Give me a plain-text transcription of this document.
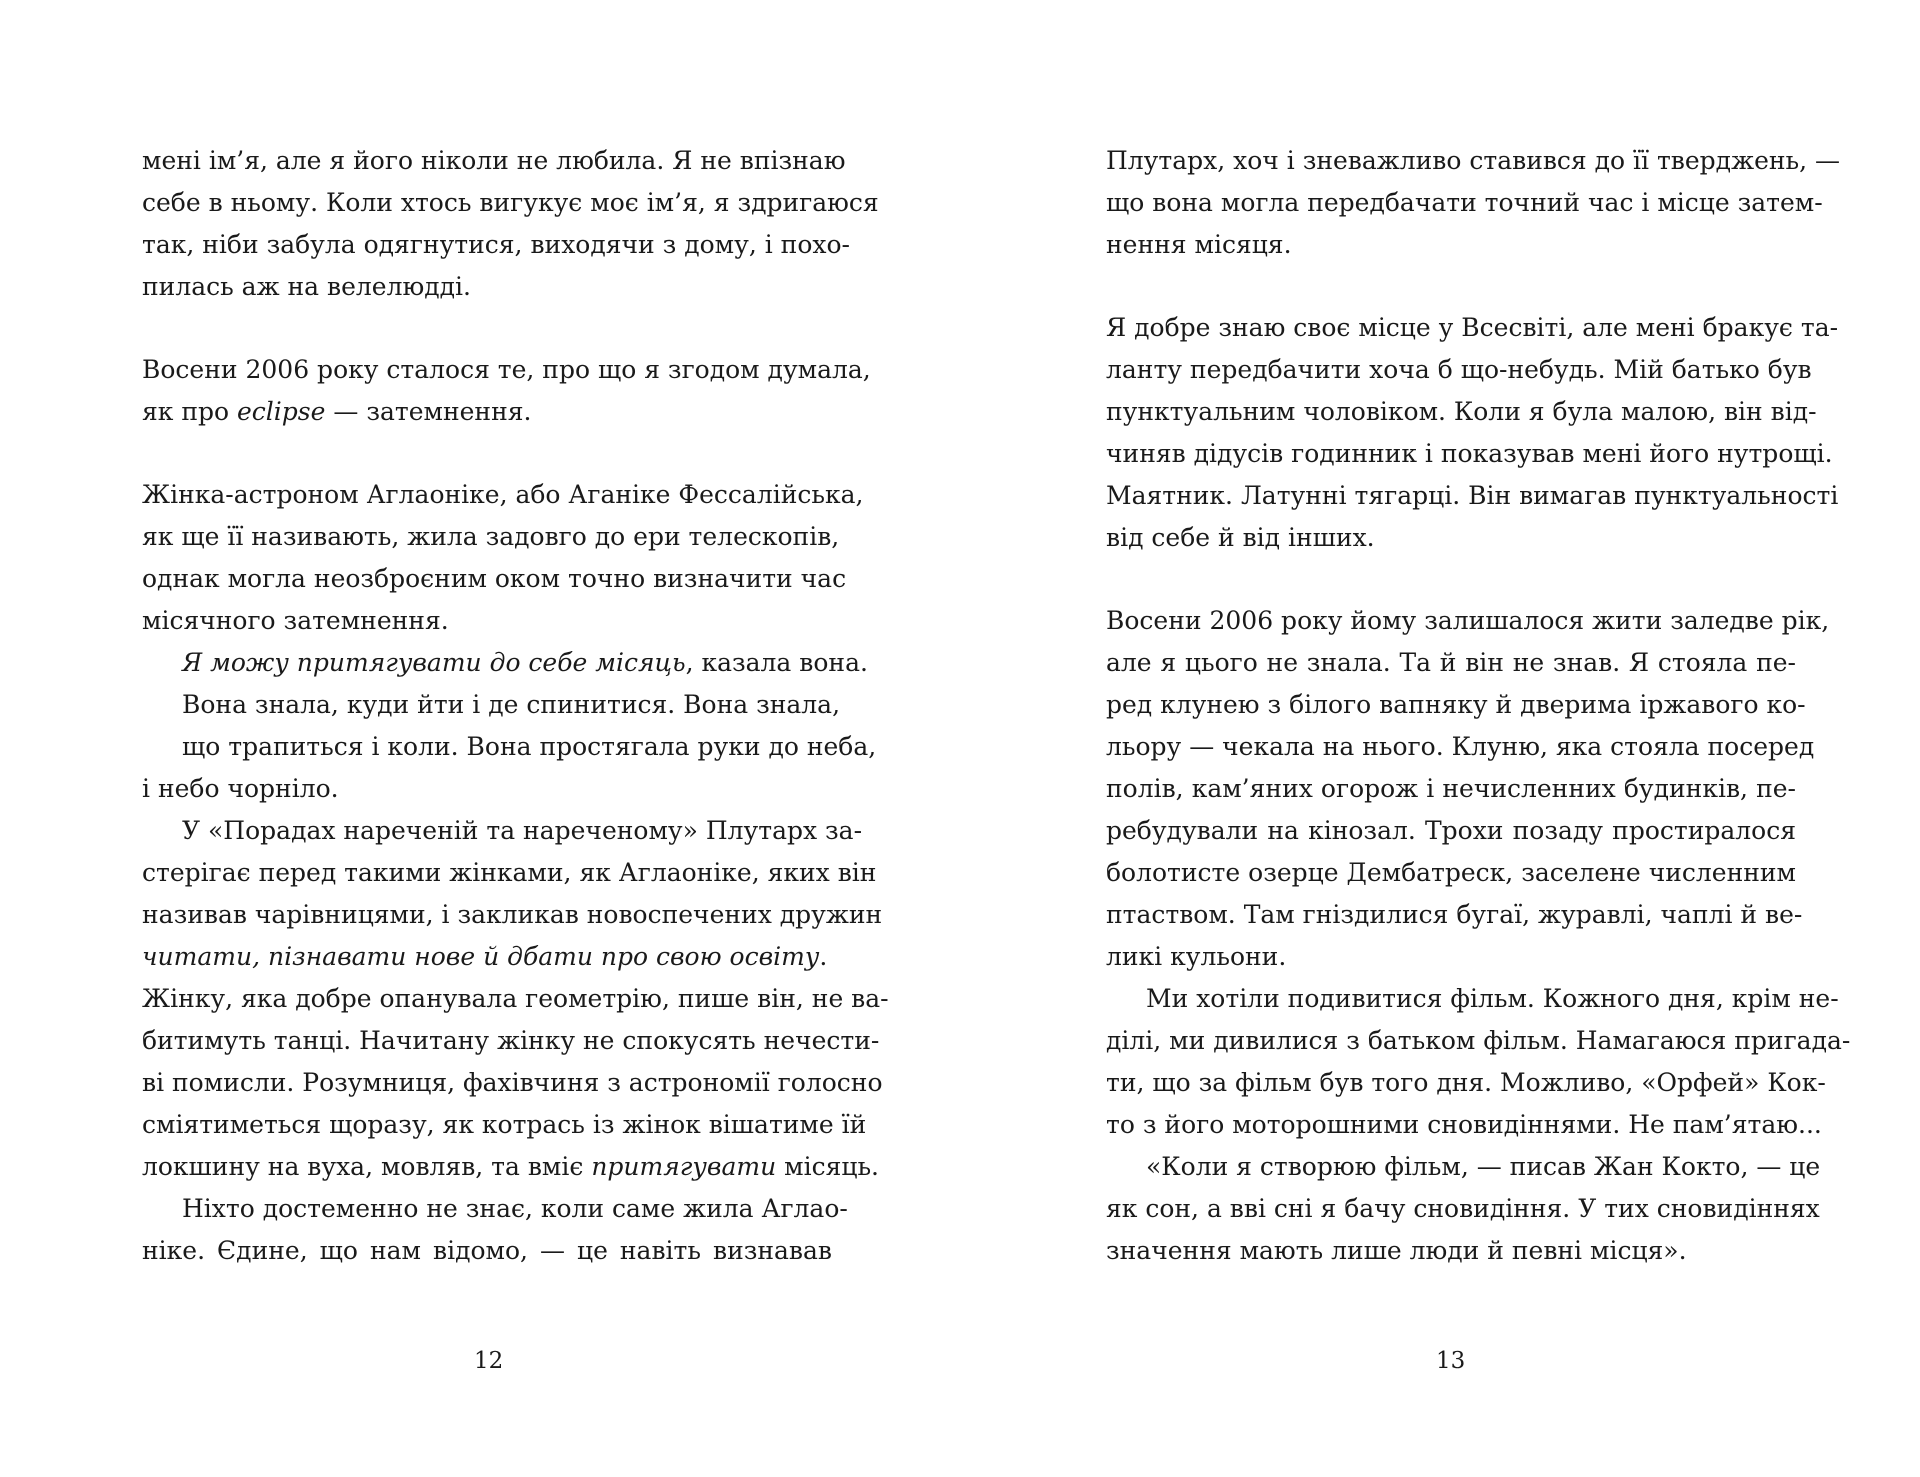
мені ім’я, але я його ніколи не любила. Я не впізнаю
себе в ньому. Коли хтось вигукує моє ім’я, я здригаюся
так, ніби забула одягнутися, виходячи з дому, і похо-
пилась аж на велелюдді.
Восени 2006 року сталося те, про що я згодом думала,
як про eclipse — затемнення.
Жінка-астроном Аглаоніке, або Аганіке Фессалійська,
як ще її називають, жила задовго до ери телескопів,
однак могла неозброєним оком точно визначити час
місячного затемнення.
Я можу притягувати до себе місяць, казала вона.
Вона знала, куди йти і де спинитися. Вона знала,
що трапиться і коли. Вона простягала руки до неба,
і небо чорніло.
У «Порадах нареченій та нареченому» Плутарх за-
стерігає перед такими жінками, як Аглаоніке, яких він
називав чарівницями, і закликав новоспечених дружин
читати, пізнавати нове й дбати про свою освіту.
Жінку, яка добре опанувала геометрію, пише він, не ва-
битимуть танці. Начитану жінку не спокусять нечести-
ві помисли. Розумниця, фахівчиня з астрономії голосно
сміятиметься щоразу, як котрась із жінок вішатиме їй
локшину на вуха, мовляв, та вміє притягувати місяць.
Ніхто достеменно не знає, коли саме жила Аглао-
ніке. Єдине, що нам відомо, — це навіть визнавав
12
Плутарх, хоч і зневажливо ставився до її тверджень, —
що вона могла передбачати точний час і місце затем-
нення місяця.
Я добре знаю своє місце у Всесвіті, але мені бракує та-
ланту передбачити хоча б що-небудь. Мій батько був
пунктуальним чоловіком. Коли я була малою, він від-
чиняв дідусів годинник і показував мені його нутрощі.
Маятник. Латунні тягарці. Він вимагав пунктуальності
від себе й від інших.
Восени 2006 року йому залишалося жити заледве рік,
але я цього не знала. Та й він не знав. Я стояла пе-
ред клунею з білого вапняку й дверима іржавого ко-
льору — чекала на нього. Клуню, яка стояла посеред
полів, кам’яних огорож і нечисленних будинків, пе-
ребудували на кінозал. Трохи позаду простиралося
болотисте озерце Дембатреск, заселене численним
птаством. Там гніздилися бугаї, журавлі, чаплі й ве-
ликі кульони.
Ми хотіли подивитися фільм. Кожного дня, крім не-
ділі, ми дивилися з батьком фільм. Намагаюся пригада-
ти, що за фільм був того дня. Можливо, «Орфей» Кок-
то з його моторошними сновидіннями. Не пам’ятаю...
«Коли я створюю фільм, — писав Жан Кокто, — це
як сон, а вві сні я бачу сновидіння. У тих сновидіннях
значення мають лише люди й певні місця».
13
